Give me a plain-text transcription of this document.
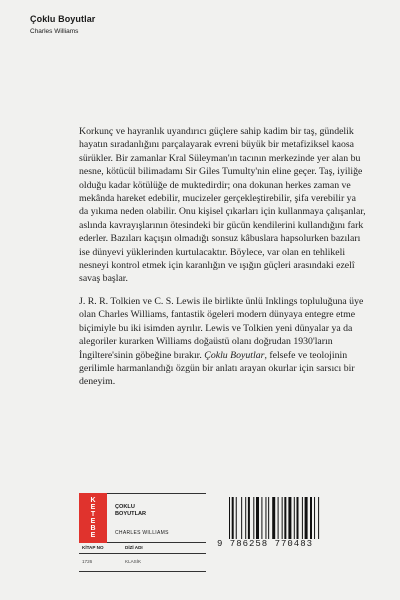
Çoklu Boyutlar
Charles Williams

Korkunç ve hayranlık uyandırıcı güçlere sahip kadim bir taş, gündelik hayatın sıradanlığını parçalayarak evreni büyük bir metafiziksel kaosa sürükler. Bir zamanlar Kral Süleyman'ın tacının merkezinde yer alan bu nesne, kötücül bilimadamı Sir Giles Tumulty'nin eline geçer. Taş, iyiliğe olduğu kadar kötülüğe de muktedirdir; ona dokunan herkes zaman ve mekânda hareket edebilir, mucizeler gerçekleştirebilir, şifa verebilir ya da yıkıma neden olabilir. Onu kişisel çıkarları için kullanmaya çalışanlar, aslında kavrayışlarının ötesindeki bir gücün kendilerini kullandığını fark ederler. Bazıları kaçışın olmadığı sonsuz kâbuslara hapsolurken bazıları ise dünyevi yüklerinden kurtulacaktır. Böylece, var olan en tehlikeli nesneyi kontrol etmek için karanlığın ve ışığın güçleri arasındaki ezelî savaş başlar.

J. R. R. Tolkien ve C. S. Lewis ile birlikte ünlü Inklings topluluğuna üye olan Charles Williams, fantastik ögeleri modern dünyaya entegre etme biçimiyle bu iki isimden ayrılır. Lewis ve Tolkien yeni dünyalar ya da alegoriler kurarken Williams doğaüstü olanı doğrudan 1930'ların İngiltere'sinin göbeğine bırakır. Çoklu Boyutlar, felsefe ve teolojinin gerilimle harmanlandığı özgün bir anlatı arayan okurlar için sarsıcı bir deneyim.

K
E
T
E
B
E
ÇOKLU
BOYUTLAR
CHARLES WILLIAMS
KİTAP NO	DİZİ ADI
1726	KLASİK
9 786258 770483
